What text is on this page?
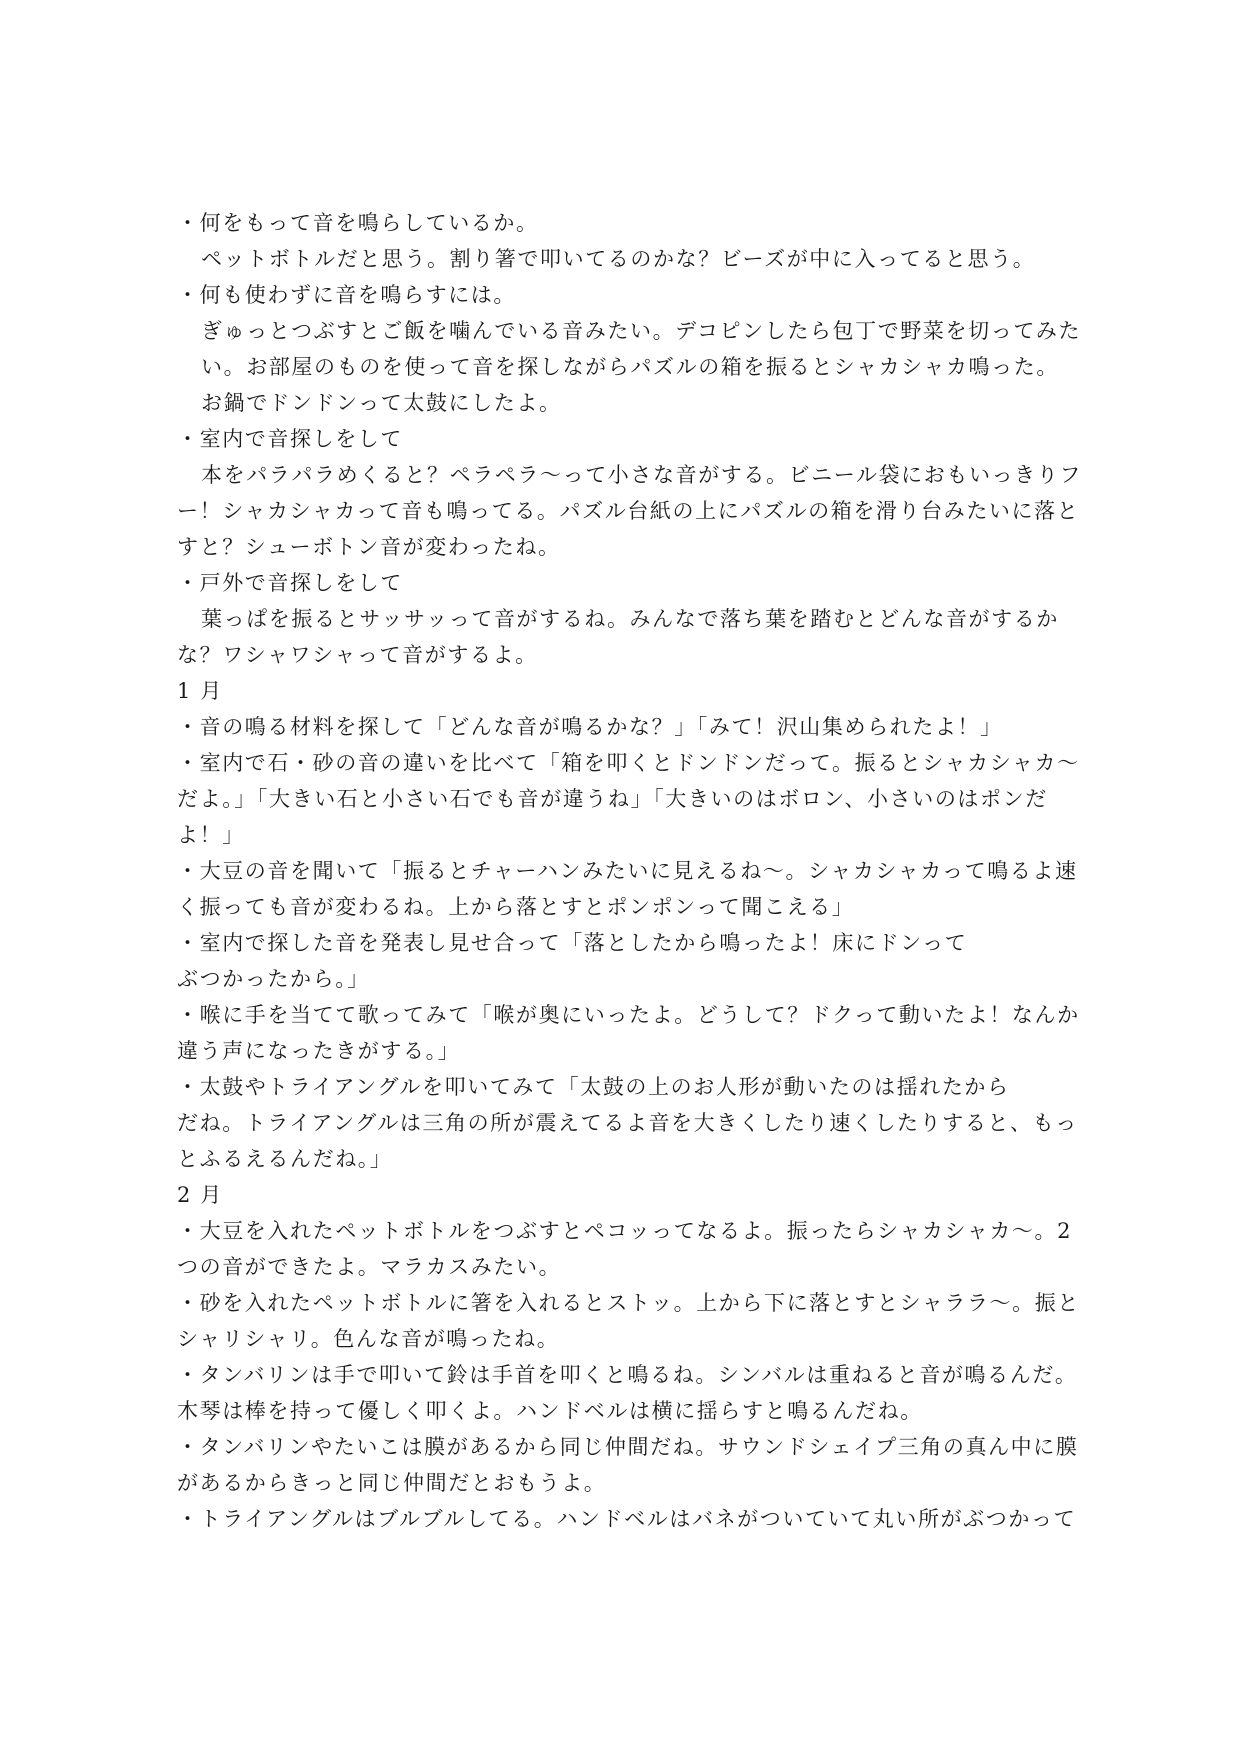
・何をもって音を鳴らしているか。

ペットボトルだと思う。割り箸で叩いてるのかな？ビーズが中に入ってると思う。

・何も使わずに音を鳴らすには。

ぎゅっとつぶすとご飯を噛んでいる音みたい。デコピンしたら包丁で野菜を切ってみた

い。お部屋のものを使って音を探しながらパズルの箱を振るとシャカシャカ鳴った。

お鍋でドンドンって太鼓にしたよ。

・室内で音探しをして

本をパラパラめくると？ペラペラ〜って小さな音がする。ビニール袋におもいっきりフ

ー！シャカシャカって音も鳴ってる。パズル台紙の上にパズルの箱を滑り台みたいに落と

すと？シューボトン音が変わったね。

・戸外で音探しをして

葉っぱを振るとサッサッって音がするね。みんなで落ち葉を踏むとどんな音がするか

な？ワシャワシャって音がするよ。

1 月

・音の鳴る材料を探して「どんな音が鳴るかな？」「みて！沢山集められたよ！」

・室内で石・砂の音の違いを比べて「箱を叩くとドンドンだって。振るとシャカシャカ〜

だよ。」「大きい石と小さい石でも音が違うね」「大きいのはボロン、小さいのはポンだ

よ！」

・大豆の音を聞いて「振るとチャーハンみたいに見えるね〜。シャカシャカって鳴るよ速

く振っても音が変わるね。上から落とすとポンポンって聞こえる」

・室内で探した音を発表し見せ合って「落としたから鳴ったよ！床にドンって

ぶつかったから。」

・喉に手を当てて歌ってみて「喉が奥にいったよ。どうして？ドクって動いたよ！なんか

違う声になったきがする。」

・太鼓やトライアングルを叩いてみて「太鼓の上のお人形が動いたのは揺れたから

だね。トライアングルは三角の所が震えてるよ音を大きくしたり速くしたりすると、もっ

とふるえるんだね。」

2 月

・大豆を入れたペットボトルをつぶすとペコッってなるよ。振ったらシャカシャカ〜。2

つの音ができたよ。マラカスみたい。

・砂を入れたペットボトルに箸を入れるとストッ。上から下に落とすとシャララ〜。振と

シャリシャリ。色んな音が鳴ったね。

・タンバリンは手で叩いて鈴は手首を叩くと鳴るね。シンバルは重ねると音が鳴るんだ。

木琴は棒を持って優しく叩くよ。ハンドベルは横に揺らすと鳴るんだね。

・タンバリンやたいこは膜があるから同じ仲間だね。サウンドシェイプ三角の真ん中に膜

があるからきっと同じ仲間だとおもうよ。

・トライアングルはブルブルしてる。ハンドベルはバネがついていて丸い所がぶつかって
